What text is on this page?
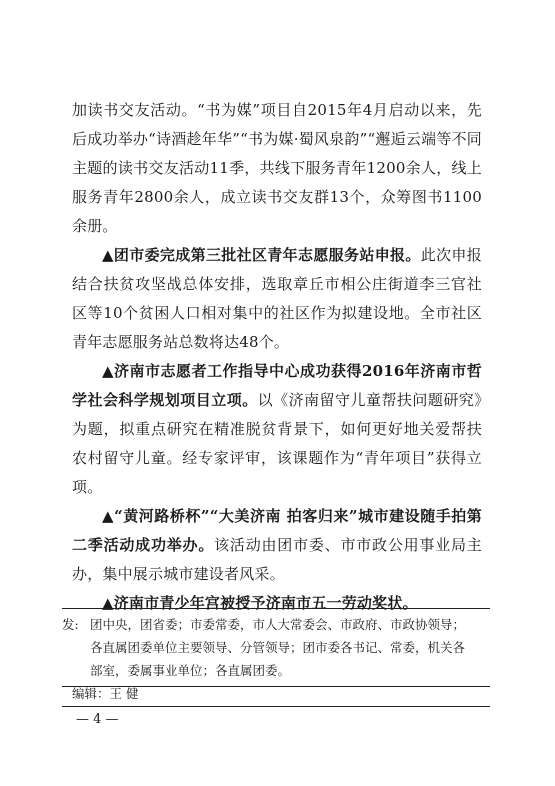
加读书交友活动。“书为媒”项目自2015年4月启动以来，先后成功举办“诗酒趁年华”“书为媒·蜀风泉韵”“邂逅云端等不同主题的读书交友活动11季，共线下服务青年1200余人，线上服务青年2800余人，成立读书交友群13个，众筹图书1100余册。

▲团市委完成第三批社区青年志愿服务站申报。此次申报结合扶贫攻坚战总体安排，选取章丘市相公庄街道李三官社区等10个贫困人口相对集中的社区作为拟建设地。全市社区青年志愿服务站总数将达48个。

▲济南市志愿者工作指导中心成功获得2016年济南市哲学社会科学规划项目立项。以《济南留守儿童帮扶问题研究》为题，拟重点研究在精准脱贫背景下，如何更好地关爱帮扶农村留守儿童。经专家评审，该课题作为“青年项目”获得立项。

▲“黄河路桥杯”“大美济南 拍客归来”城市建设随手拍第二季活动成功举办。该活动由团市委、市市政公用事业局主办，集中展示城市建设者风采。

▲济南市青少年宫被授予济南市五一劳动奖状。

发: 团中央，团省委；市委常委，市人大常委会、市政府、市政协领导；
各直属团委单位主要领导、分管领导；团市委各书记、常委，机关各
部室，委属事业单位；各直属团委。
编辑：王 健
— 4 —
